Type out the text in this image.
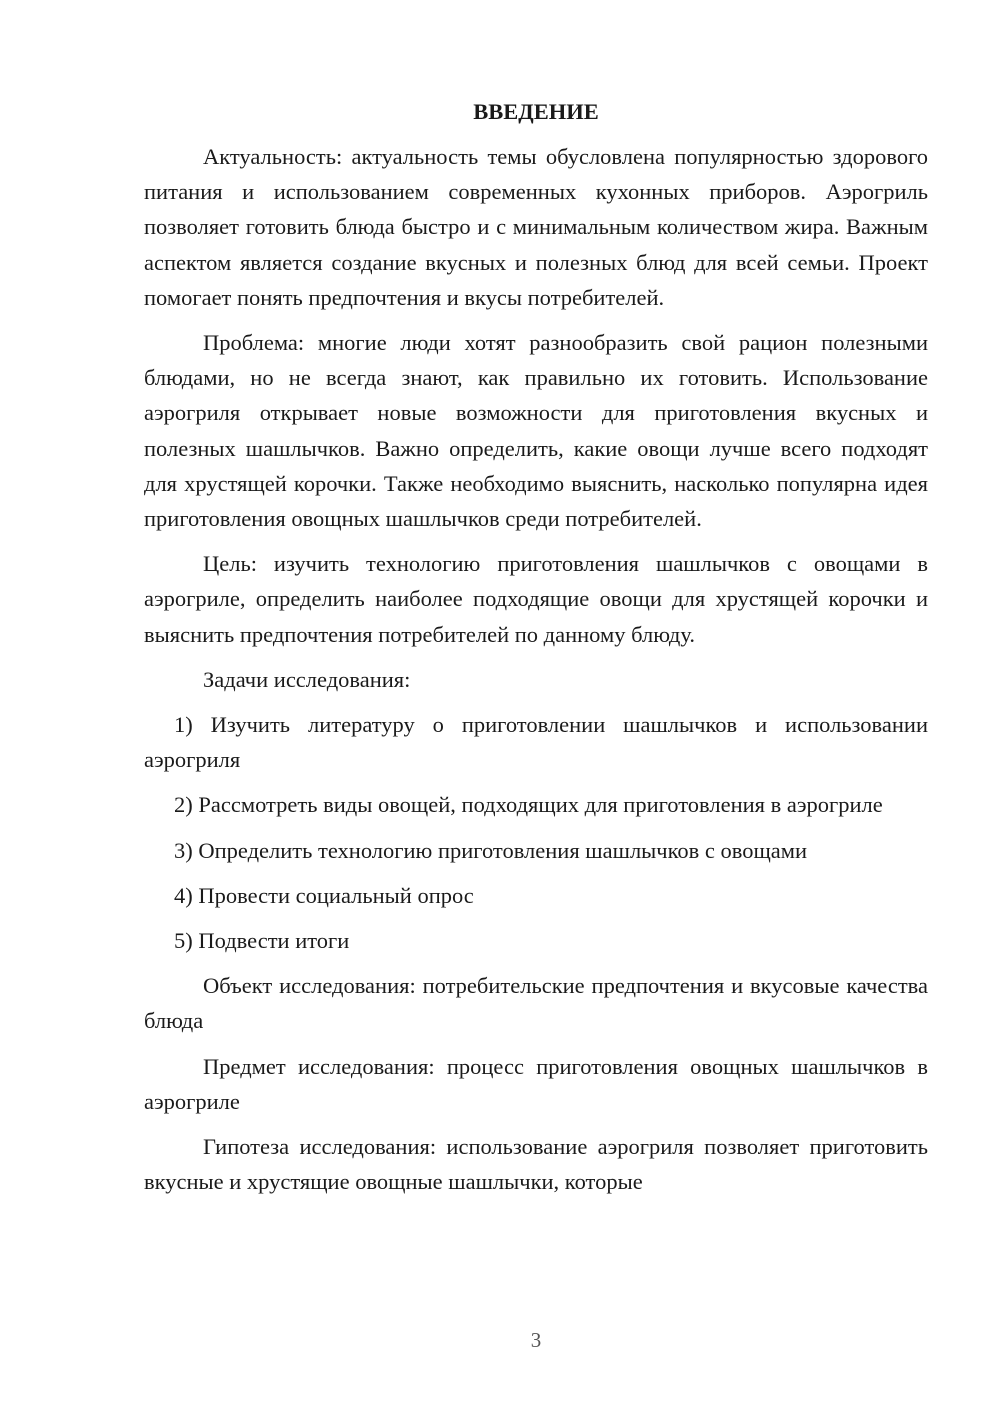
ВВЕДЕНИЕ

Актуальность: актуальность темы обусловлена популярностью здорового питания и использованием современных кухонных приборов. Аэрогриль позволяет готовить блюда быстро и с минимальным количеством жира. Важным аспектом является создание вкусных и полезных блюд для всей семьи. Проект помогает понять предпочтения и вкусы потребителей.

Проблема: многие люди хотят разнообразить свой рацион полезными блюдами, но не всегда знают, как правильно их готовить. Использование аэрогриля открывает новые возможности для приготовления вкусных и полезных шашлычков. Важно определить, какие овощи лучше всего подходят для хрустящей корочки. Также необходимо выяснить, насколько популярна идея приготовления овощных шашлычков среди потребителей.

Цель: изучить технологию приготовления шашлычков с овощами в аэрогриле, определить наиболее подходящие овощи для хрустящей корочки и выяснить предпочтения потребителей по данному блюду.

Задачи исследования:

1) Изучить литературу о приготовлении шашлычков и использовании аэрогриля

2) Рассмотреть виды овощей, подходящих для приготовления в аэрогриле

3) Определить технологию приготовления шашлычков с овощами

4) Провести социальный опрос

5) Подвести итоги

Объект исследования: потребительские предпочтения и вкусовые качества блюда

Предмет исследования: процесс приготовления овощных шашлычков в аэрогриле

Гипотеза исследования: использование аэрогриля позволяет приготовить вкусные и хрустящие овощные шашлычки, которые

3
